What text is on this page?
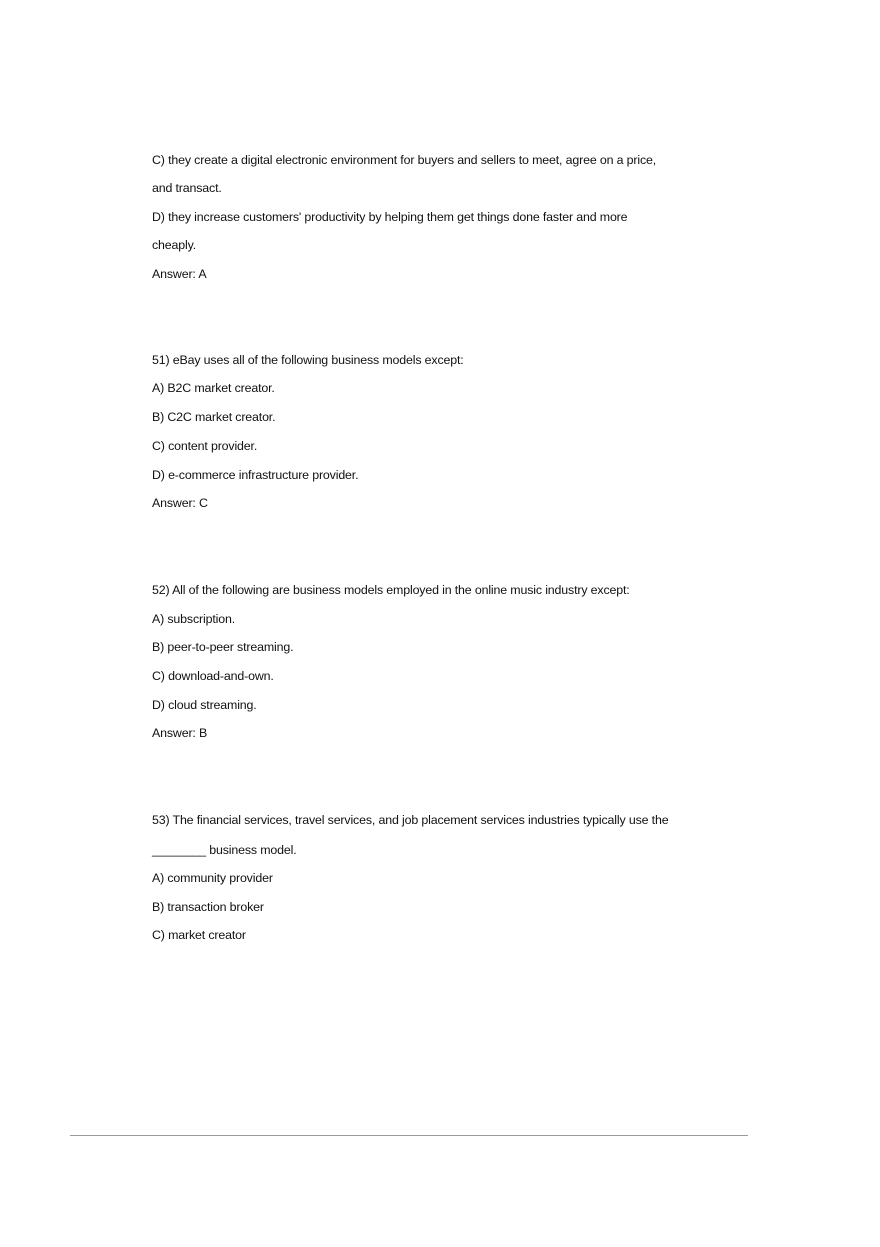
C) they create a digital electronic environment for buyers and sellers to meet, agree on a price,
and transact.
D) they increase customers' productivity by helping them get things done faster and more
cheaply.
Answer: A
51) eBay uses all of the following business models except:
A) B2C market creator.
B) C2C market creator.
C) content provider.
D) e-commerce infrastructure provider.
Answer: C
52) All of the following are business models employed in the online music industry except:
A) subscription.
B) peer-to-peer streaming.
C) download-and-own.
D) cloud streaming.
Answer: B
53) The financial services, travel services, and job placement services industries typically use the
________ business model.
A) community provider
B) transaction broker
C) market creator
